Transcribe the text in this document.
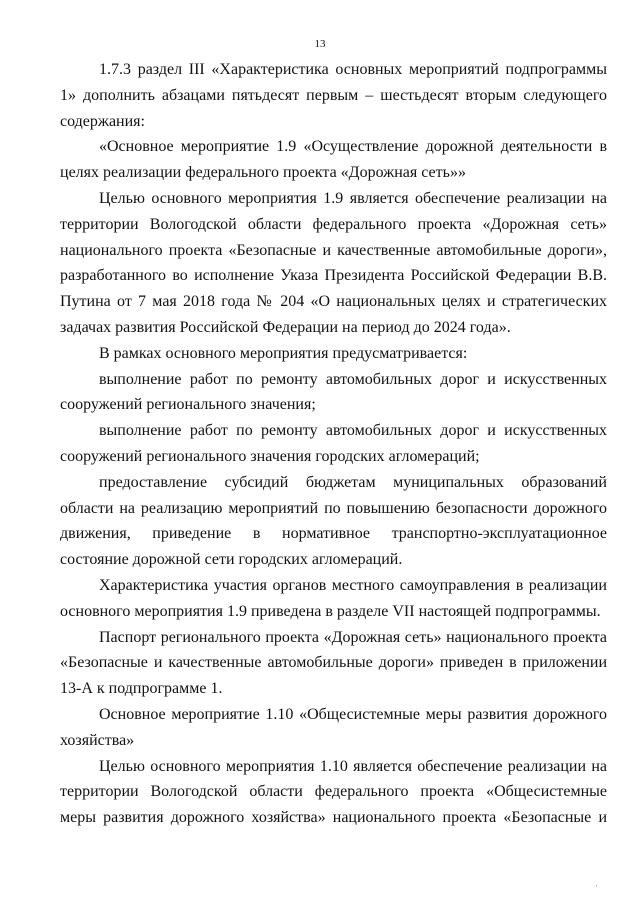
13

1.7.3 раздел III «Характеристика основных мероприятий подпрограммы 1» дополнить абзацами пятьдесят первым – шестьдесят вторым следующего содержания:

«Основное мероприятие 1.9 «Осуществление дорожной деятельности в целях реализации федерального проекта «Дорожная сеть»»

Целью основного мероприятия 1.9 является обеспечение реализации на территории Вологодской области федерального проекта «Дорожная сеть» национального проекта «Безопасные и качественные автомобильные дороги», разработанного во исполнение Указа Президента Российской Федерации В.В. Путина от 7 мая 2018 года № 204 «О национальных целях и стратегических задачах развития Российской Федерации на период до 2024 года».

В рамках основного мероприятия предусматривается:

выполнение работ по ремонту автомобильных дорог и искусственных сооружений регионального значения;

выполнение работ по ремонту автомобильных дорог и искусственных сооружений регионального значения городских агломераций;

предоставление субсидий бюджетам муниципальных образований области на реализацию мероприятий по повышению безопасности дорожного движения, приведение в нормативное транспортно-эксплуатационное состояние дорожной сети городских агломераций.

Характеристика участия органов местного самоуправления в реализации основного мероприятия 1.9 приведена в разделе VII настоящей подпрограммы.

Паспорт регионального проекта «Дорожная сеть» национального проекта «Безопасные и качественные автомобильные дороги» приведен в приложении 13-А к подпрограмме 1.

Основное мероприятие 1.10 «Общесистемные меры развития дорожного хозяйства»

Целью основного мероприятия 1.10 является обеспечение реализации на территории Вологодской области федерального проекта «Общесистемные меры развития дорожного хозяйства» национального проекта «Безопасные и

'
